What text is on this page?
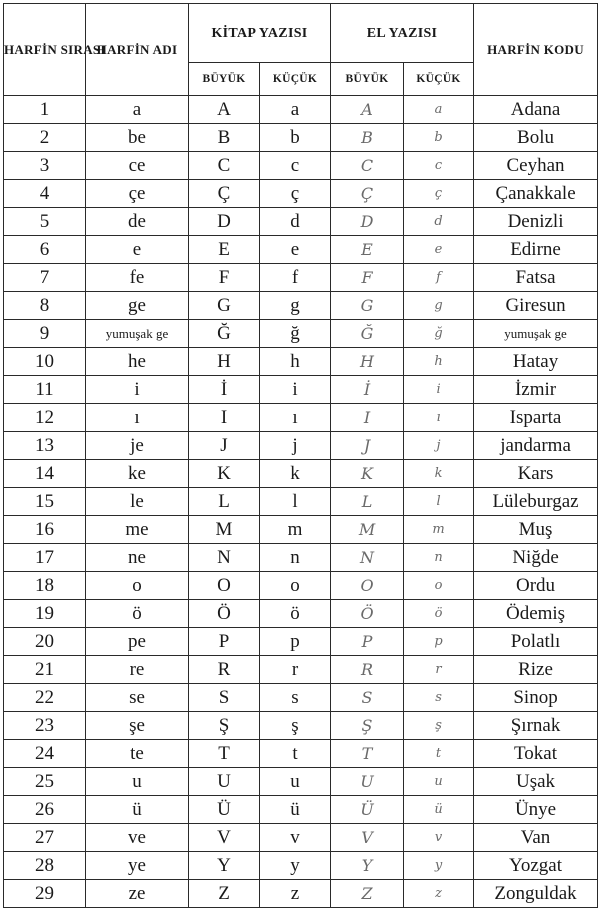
HARFİN SIRASI	HARFİN ADI	KİTAP YAZISI		EL YAZISI		HARFİN KODU
		BÜYÜK	KÜÇÜK	BÜYÜK	KÜÇÜK	
1	a	A	a	A	a	Adana
2	be	B	b	B	b	Bolu
3	ce	C	c	C	c	Ceyhan
4	çe	Ç	ç	Ç	ç	Çanakkale
5	de	D	d	D	d	Denizli
6	e	E	e	E	e	Edirne
7	fe	F	f	F	f	Fatsa
8	ge	G	g	G	g	Giresun
9	yumuşak ge	Ğ	ğ	Ğ	ğ	yumuşak ge
10	he	H	h	H	h	Hatay
11	i	İ	i	İ	i	İzmir
12	ı	I	ı	I	ı	Isparta
13	je	J	j	J	j	jandarma
14	ke	K	k	K	k	Kars
15	le	L	l	L	l	Lüleburgaz
16	me	M	m	M	m	Muş
17	ne	N	n	N	n	Niğde
18	o	O	o	O	o	Ordu
19	ö	Ö	ö	Ö	ö	Ödemiş
20	pe	P	p	P	p	Polatlı
21	re	R	r	R	r	Rize
22	se	S	s	S	s	Sinop
23	şe	Ş	ş	Ş	ş	Şırnak
24	te	T	t	T	t	Tokat
25	u	U	u	U	u	Uşak
26	ü	Ü	ü	Ü	ü	Ünye
27	ve	V	v	V	v	Van
28	ye	Y	y	Y	y	Yozgat
29	ze	Z	z	Z	z	Zonguldak
